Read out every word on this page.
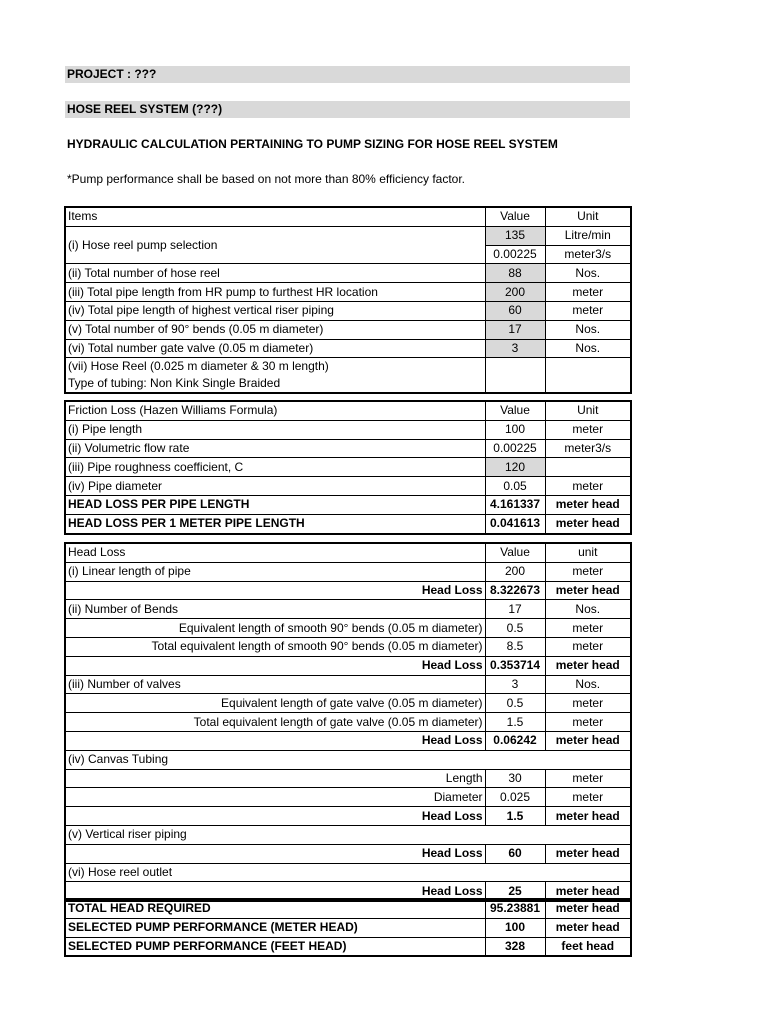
PROJECT : ???
HOSE REEL SYSTEM (???)
HYDRAULIC CALCULATION PERTAINING TO PUMP SIZING FOR HOSE REEL SYSTEM
*Pump performance shall be based on not more than 80% efficiency factor.
Items	Value	Unit
(i) Hose reel pump selection	135	Litre/min
	0.00225	meter3/s
(ii) Total number of hose reel	88	Nos.
(iii) Total pipe length from HR pump to furthest HR location	200	meter
(iv) Total pipe length of highest vertical riser piping	60	meter
(v) Total number of 90° bends (0.05 m diameter)	17	Nos.
(vi) Total number gate valve (0.05 m diameter)	3	Nos.

(vii) Hose Reel (0.025 m diameter & 30 m length)
Type of tubing: Non Kink Single Braided		

Friction Loss (Hazen Williams Formula)	Value	Unit
(i) Pipe length	100	meter
(ii) Volumetric flow rate	0.00225	meter3/s
(iii) Pipe roughness coefficient, C	120	
(iv) Pipe diameter	0.05	meter
HEAD LOSS PER PIPE LENGTH	4.161337	meter head
HEAD LOSS PER 1 METER PIPE LENGTH	0.041613	meter head
Head Loss	Value	unit
(i) Linear length of pipe	200	meter
Head Loss	8.322673	meter head
(ii) Number of Bends	17	Nos.
Equivalent length of smooth 90° bends (0.05 m diameter)	0.5	meter
Total equivalent length of smooth 90° bends (0.05 m diameter)	8.5	meter
Head Loss	0.353714	meter head
(iii) Number of valves	3	Nos.
Equivalent length of gate valve (0.05 m diameter)	0.5	meter
Total equivalent length of gate valve (0.05 m diameter)	1.5	meter
Head Loss	0.06242	meter head
(iv) Canvas Tubing		
Length	30	meter
Diameter	0.025	meter
Head Loss	1.5	meter head
(v) Vertical riser piping		
Head Loss	60	meter head
(vi) Hose reel outlet		
Head Loss	25	meter head
TOTAL HEAD REQUIRED	95.23881	meter head
SELECTED PUMP PERFORMANCE (METER HEAD)	100	meter head
SELECTED PUMP PERFORMANCE (FEET HEAD)	328	feet head
